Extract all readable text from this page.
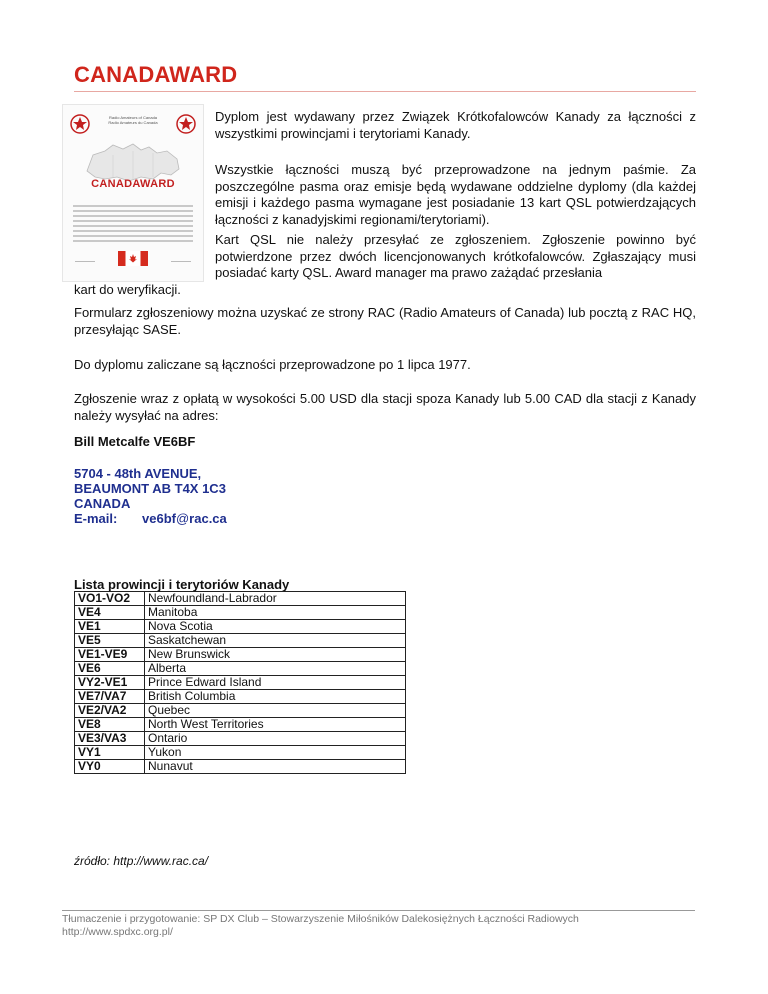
CANADAWARD
Radio Amateurs of Canada
Radio Amateurs du Canada
CANADAWARD

Dyplom jest wydawany przez Związek Krótkofalowców Kanady za łączności z wszystkimi prowincjami i terytoriami Kanady.

Wszystkie łączności muszą być przeprowadzone na jednym paśmie. Za poszczególne pasma oraz emisje będą wydawane oddzielne dyplomy (dla każdej emisji i każdego pasma wymagane jest posiadanie 13 kart QSL potwierdzających łączności z kanadyjskimi regionami/terytoriami).

Kart QSL nie należy przesyłać ze zgłoszeniem. Zgłoszenie powinno być potwierdzone przez dwóch licencjonowanych krótkofalowców. Zgłaszający musi posiadać karty QSL. Award manager ma prawo zażądać przesłania

kart do weryfikacji.

Formularz zgłoszeniowy można uzyskać ze strony RAC (Radio Amateurs of Canada) lub pocztą z RAC HQ, przesyłając SASE.

Do dyplomu zaliczane są łączności przeprowadzone po 1 lipca 1977.

Zgłoszenie wraz z opłatą w wysokości 5.00 USD dla stacji spoza Kanady lub 5.00 CAD dla stacji z Kanady należy wysyłać na adres:

Bill Metcalfe VE6BF

5704 - 48th AVENUE,
BEAUMONT AB T4X 1C3
CANADA
E-mail: ve6bf@rac.ca
Lista prowincji i terytoriów Kanady
VO1-VO2	Newfoundland-Labrador
VE4	Manitoba
VE1	Nova Scotia
VE5	Saskatchewan
VE1-VE9	New Brunswick
VE6	Alberta
VY2-VE1	Prince Edward Island
VE7/VA7	British Columbia
VE2/VA2	Quebec
VE8	North West Territories
VE3/VA3	Ontario
VY1	Yukon
VY0	Nunavut
źródło: http://www.rac.ca/
Tłumaczenie i przygotowanie: SP DX Club – Stowarzyszenie Miłośników Dalekosiężnych Łączności Radiowych
http://www.spdxc.org.pl/
